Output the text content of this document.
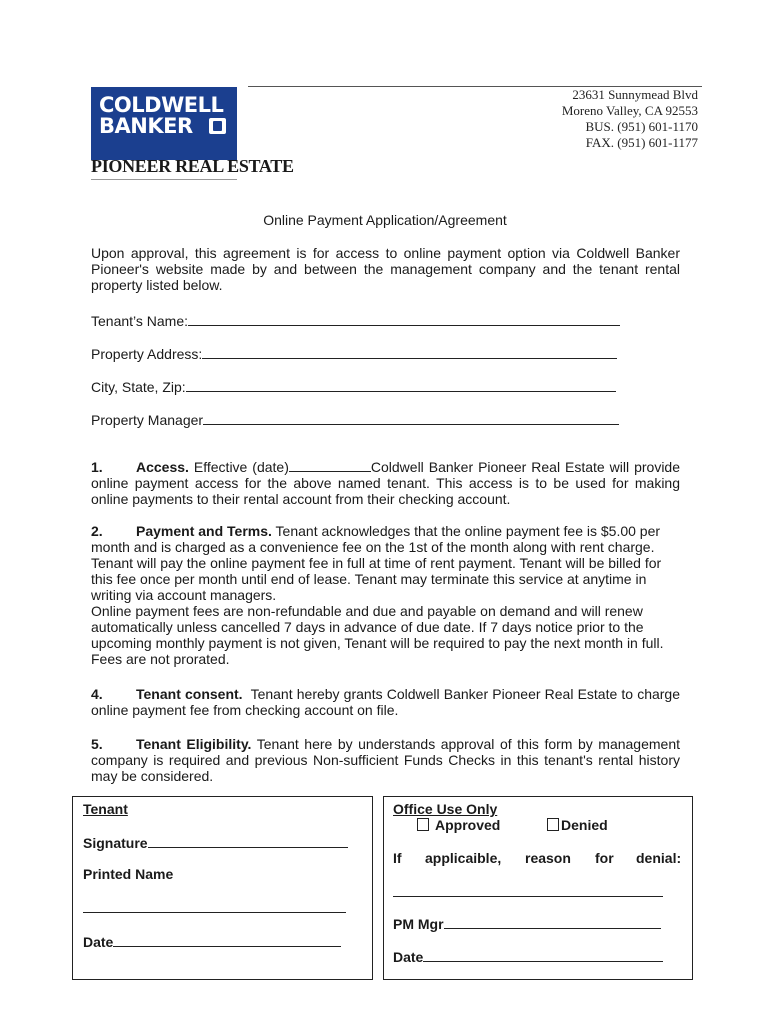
COLDWELL
BANKER
PIONEER REAL ESTATE
23631 Sunnymead Blvd
Moreno Valley, CA 92553
BUS. (951) 601-1170
FAX. (951) 601-1177
Online Payment Application/Agreement

Upon approval, this agreement is for access to online payment option via Coldwell Banker Pioneer's website made by and between the management company and the tenant rental property listed below.

Tenant’s Name:
Property Address:
City, State, Zip:
Property Manager

1. Access. Effective (date)	Coldwell Banker Pioneer Real Estate will provide online payment access for the above named tenant. This access is to be used for making online payments to their rental account from their checking account.

2. Payment and Terms. Tenant acknowledges that the online payment fee is $5.00 per month and is charged as a convenience fee on the 1st of the month along with rent charge. Tenant will pay the online payment fee in full at time of rent payment. Tenant will be billed for this fee once per month until end of lease. Tenant may terminate this service at anytime in writing via account managers.

Online payment fees are non-refundable and due and payable on demand and will renew automatically unless cancelled 7 days in advance of due date. If 7 days notice prior to the upcoming monthly payment is not given, Tenant will be required to pay the next month in full. Fees are not prorated.

4. Tenant consent. Tenant hereby grants Coldwell Banker Pioneer Real Estate to charge online payment fee from checking account on file.

5. Tenant Eligibility. Tenant here by understands approval of this form by management company is required and previous Non-sufficient Funds Checks in this tenant's rental history may be considered.

Tenant
Signature
Printed Name
Date
Office Use Only
Approved	Denied
If applicaible, reason for denial:
PM Mgr
Date
